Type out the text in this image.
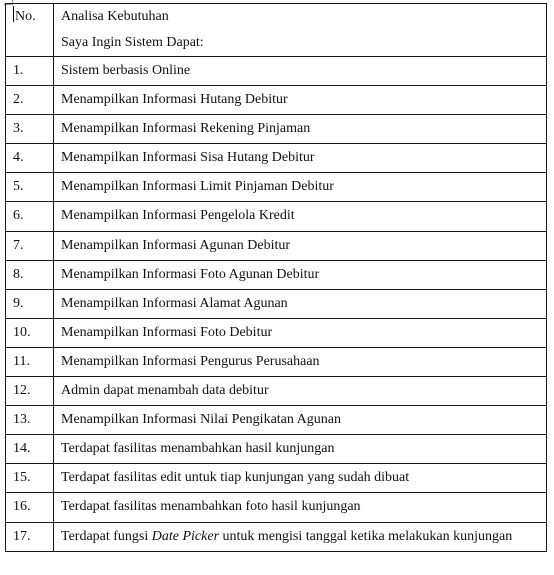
No.	Analisa Kebutuhan
Saya Ingin Sistem Dapat:

1.	Sistem berbasis Online
2.	Menampilkan Informasi Hutang Debitur
3.	Menampilkan Informasi Rekening Pinjaman
4.	Menampilkan Informasi Sisa Hutang Debitur
5.	Menampilkan Informasi Limit Pinjaman Debitur
6.	Menampilkan Informasi Pengelola Kredit
7.	Menampilkan Informasi Agunan Debitur
8.	Menampilkan Informasi Foto Agunan Debitur
9.	Menampilkan Informasi Alamat Agunan
10.	Menampilkan Informasi Foto Debitur
11.	Menampilkan Informasi Pengurus Perusahaan
12.	Admin dapat menambah data debitur
13.	Menampilkan Informasi Nilai Pengikatan Agunan
14.	Terdapat fasilitas menambahkan hasil kunjungan
15.	Terdapat fasilitas edit untuk tiap kunjungan yang sudah dibuat
16.	Terdapat fasilitas menambahkan foto hasil kunjungan
17.	Terdapat fungsi Date Picker untuk mengisi tanggal ketika melakukan kunjungan
